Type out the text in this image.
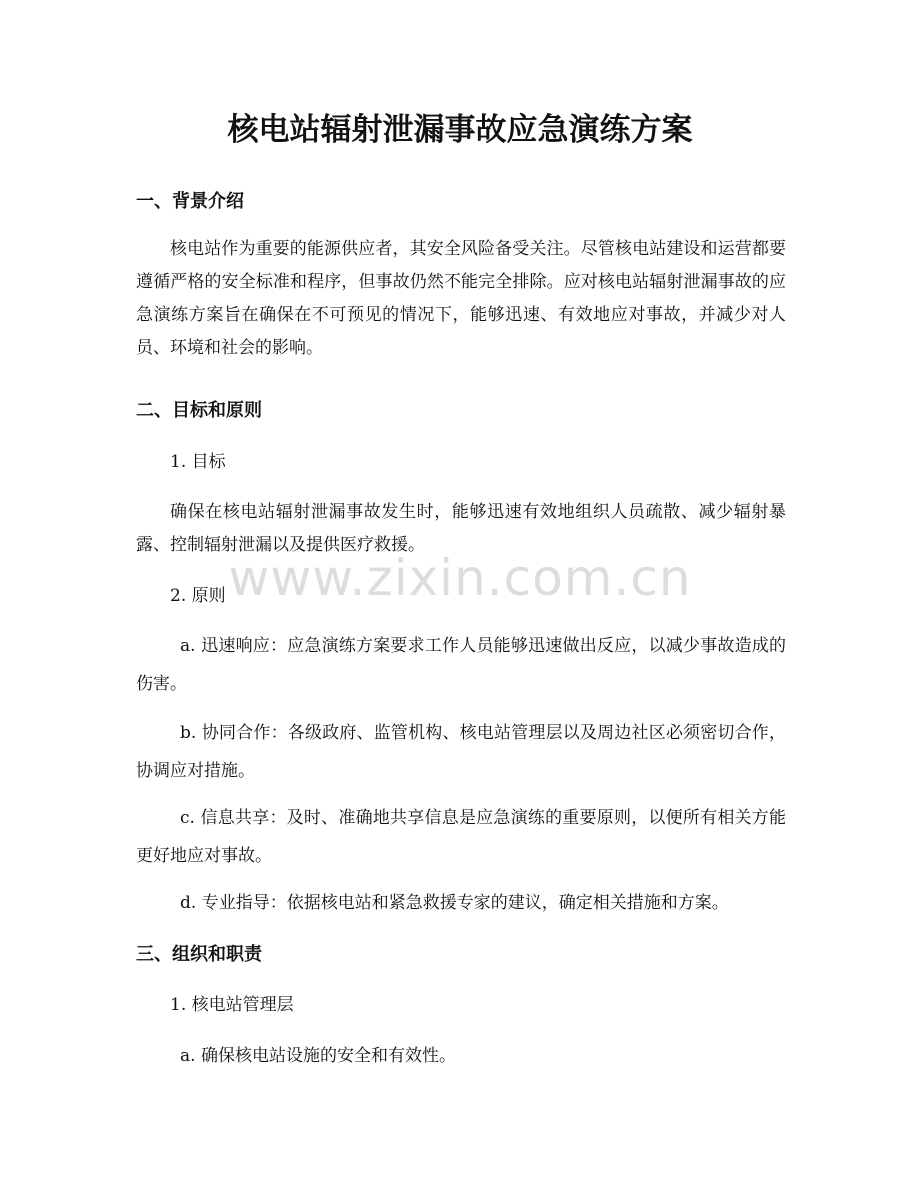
www.zixin.com.cn
核电站辐射泄漏事故应急演练方案
一、背景介绍

核电站作为重要的能源供应者，其安全风险备受关注。尽管核电站建设和运营都要遵循严格的安全标准和程序，但事故仍然不能完全排除。应对核电站辐射泄漏事故的应急演练方案旨在确保在不可预见的情况下，能够迅速、有效地应对事故，并减少对人员、环境和社会的影响。

二、目标和原则

1. 目标

确保在核电站辐射泄漏事故发生时，能够迅速有效地组织人员疏散、减少辐射暴露、控制辐射泄漏以及提供医疗救援。

2. 原则

a. 迅速响应：应急演练方案要求工作人员能够迅速做出反应，以减少事故造成的伤害。

b. 协同合作：各级政府、监管机构、核电站管理层以及周边社区必须密切合作，协调应对措施。

c. 信息共享：及时、准确地共享信息是应急演练的重要原则，以便所有相关方能更好地应对事故。

d. 专业指导：依据核电站和紧急救援专家的建议，确定相关措施和方案。

三、组织和职责

1. 核电站管理层

a. 确保核电站设施的安全和有效性。
